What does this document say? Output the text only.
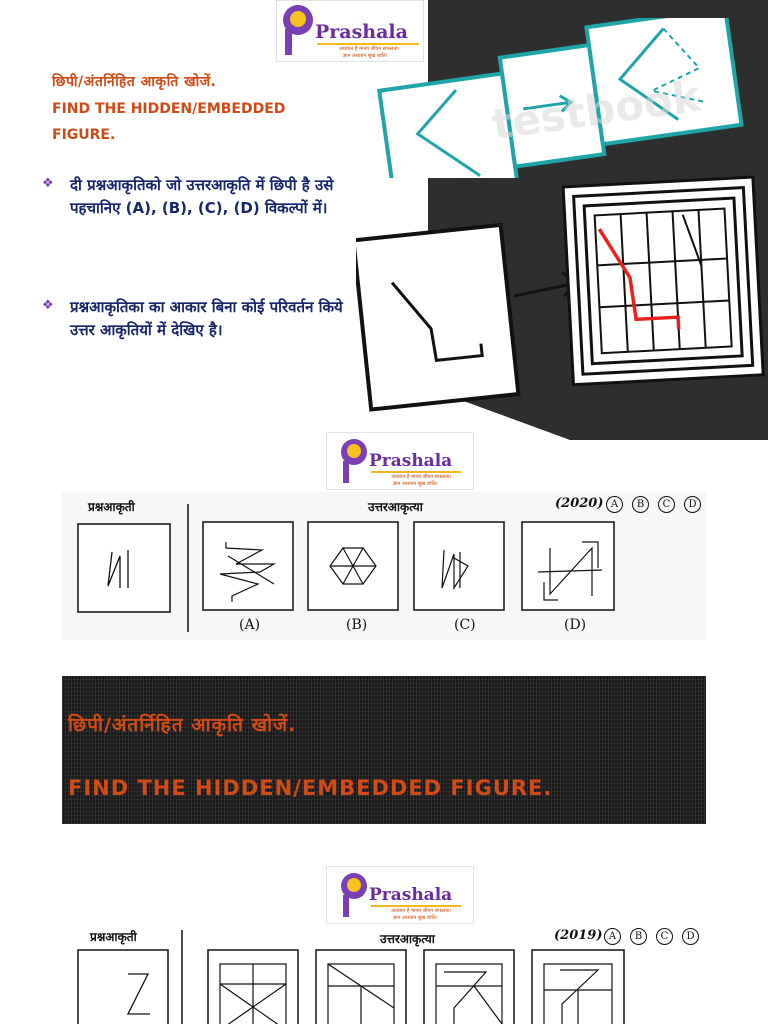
Prashala
अध्ययन है मानव जीवन सफलता।
ज्ञान अध्ययन सुख शांति।
testbook
छिपी/अंतर्निहित आकृति खोजें.
FIND THE HIDDEN/EMBEDDED FIGURE.
❖ दी प्रश्नआकृतिको जो उत्तरआकृति में छिपी है उसे पहचानिए (A), (B), (C), (D) विकल्पों में।
❖ प्रश्नआकृतिका का आकार बिना कोई परिवर्तन किये उत्तर आकृतियों में देखिए है।
Prashala
अध्ययन है मानव जीवन सफलता।
ज्ञान अध्ययन सुख शांति।
प्रश्नआकृती	उत्तरआकृत्या	(2020) A	B	C	D
(A)	(B)	(C)	(D)
छिपी/अंतर्निहित आकृति खोजें.
FIND THE HIDDEN/EMBEDDED FIGURE.
Prashala
अध्ययन है मानव जीवन सफलता।
ज्ञान अध्ययन सुख शांति।
प्रश्नआकृती	उत्तरआकृत्या	(2019) A	B	C	D
